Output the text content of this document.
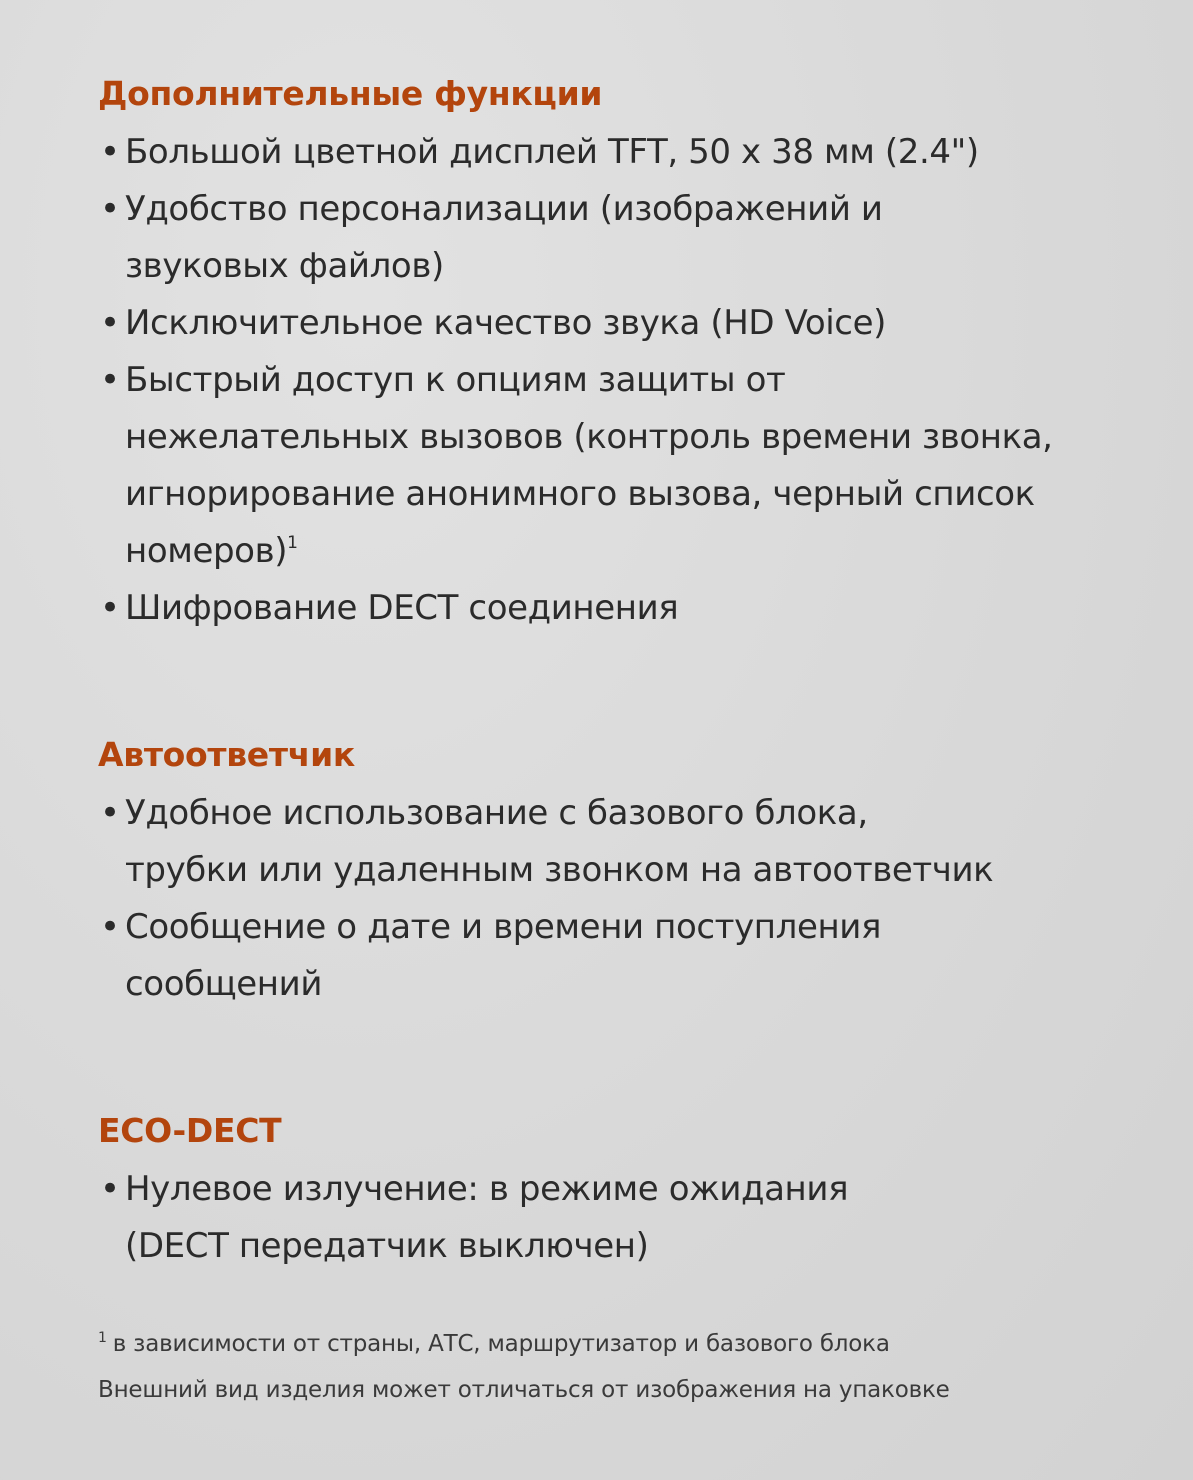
Дополнительные функции
• Большой цветной дисплей TFT, 50 x 38 мм (2.4")
• Удобство персонализации (изображений и
звуковых файлов)
• Исключительное качество звука (HD Voice)
• Быстрый доступ к опциям защиты от
нежелательных вызовов (контроль времени звонка,
игнорирование анонимного вызова, черный список
номеров)$^1$
• Шифрование DECT соединения
Автоответчик
• Удобное использование с базового блока,
трубки или удаленным звонком на автоответчик
• Сообщение о дате и времени поступления
сообщений
ECO-DECT
• Нулевое излучение: в режиме ожидания
(DECT передатчик выключен)
$^1$ в зависимости от страны, АТС, маршрутизатор и базового блока
Внешний вид изделия может отличаться от изображения на упаковке
